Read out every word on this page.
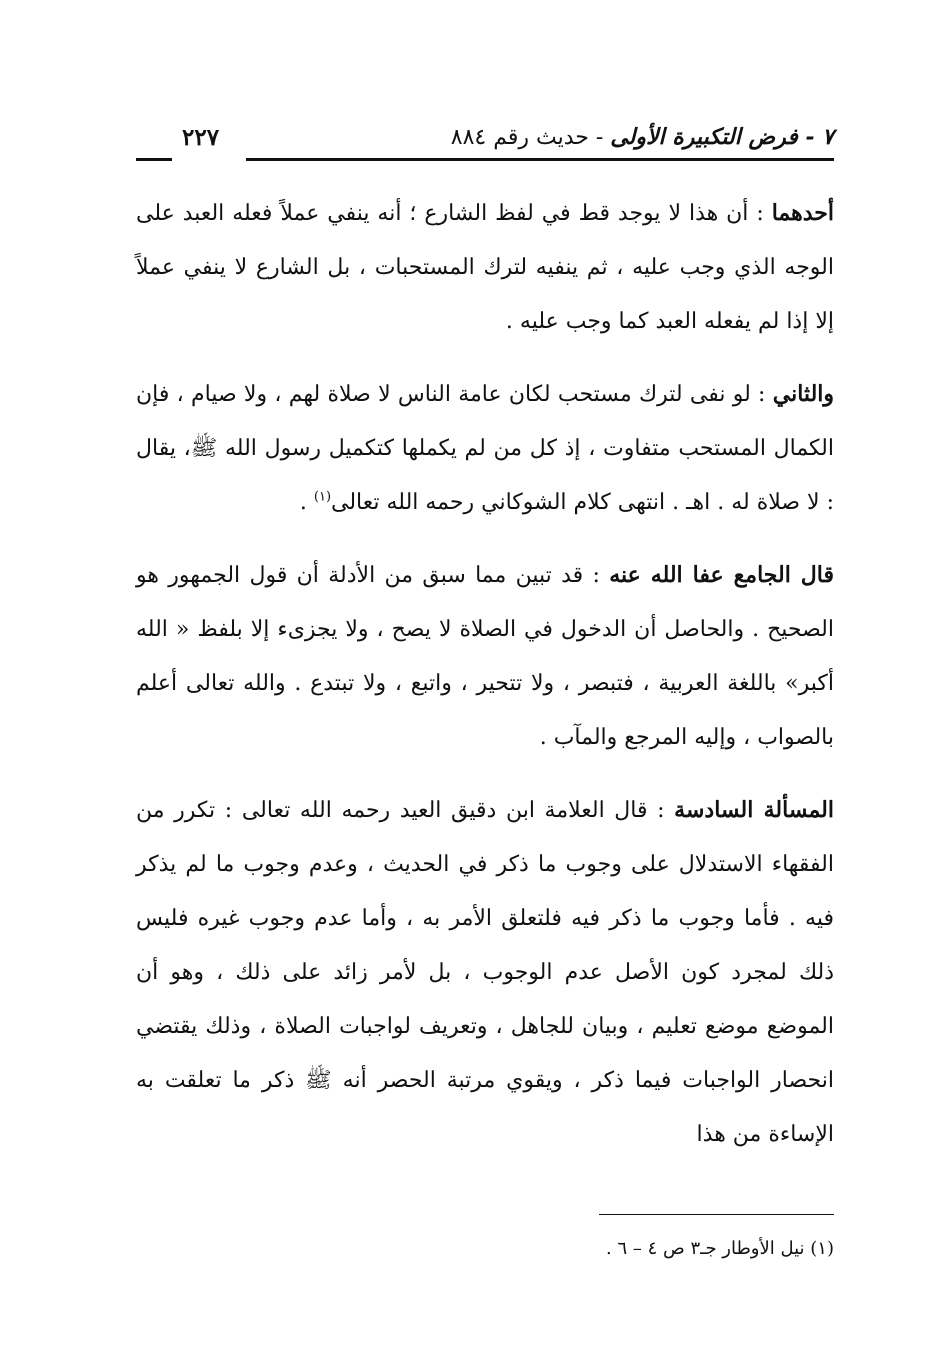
٧ - فرض التكبيرة الأولى - حديث رقم ٨٨٤
٢٢٧

أحدهما : أن هذا لا يوجد قط في لفظ الشارع ؛ أنه ينفي عملاً فعله العبد على الوجه الذي وجب عليه ، ثم ينفيه لترك المستحبات ، بل الشارع لا ينفي عملاً إلا إذا لم يفعله العبد كما وجب عليه .

والثاني : لو نفى لترك مستحب لكان عامة الناس لا صلاة لهم ، ولا صيام ، فإن الكمال المستحب متفاوت ، إذ كل من لم يكملها كتكميل رسول الله ﷺ، يقال : لا صلاة له . اهـ . انتهى كلام الشوكاني رحمه الله تعالى$^{(١)}$ .

قال الجامع عفا الله عنه : قد تبين مما سبق من الأدلة أن قول الجمهور هو الصحيح . والحاصل أن الدخول في الصلاة لا يصح ، ولا يجزىء إلا بلفظ « الله أكبر» باللغة العربية ، فتبصر ، ولا تتحير ، واتبع ، ولا تبتدع . والله تعالى أعلم بالصواب ، وإليه المرجع والمآب .

المسألة السادسة : قال العلامة ابن دقيق العيد رحمه الله تعالى : تكرر من الفقهاء الاستدلال على وجوب ما ذكر في الحديث ، وعدم وجوب ما لم يذكر فيه . فأما وجوب ما ذكر فيه فلتعلق الأمر به ، وأما عدم وجوب غيره فليس ذلك لمجرد كون الأصل عدم الوجوب ، بل لأمر زائد على ذلك ، وهو أن الموضع موضع تعليم ، وبيان للجاهل ، وتعريف لواجبات الصلاة ، وذلك يقتضي انحصار الواجبات فيما ذكر ، ويقوي مرتبة الحصر أنه ﷺ ذكر ما تعلقت به الإساءة من هذا

(١) نيل الأوطار جـ٣ ص ٤ – ٦ .
